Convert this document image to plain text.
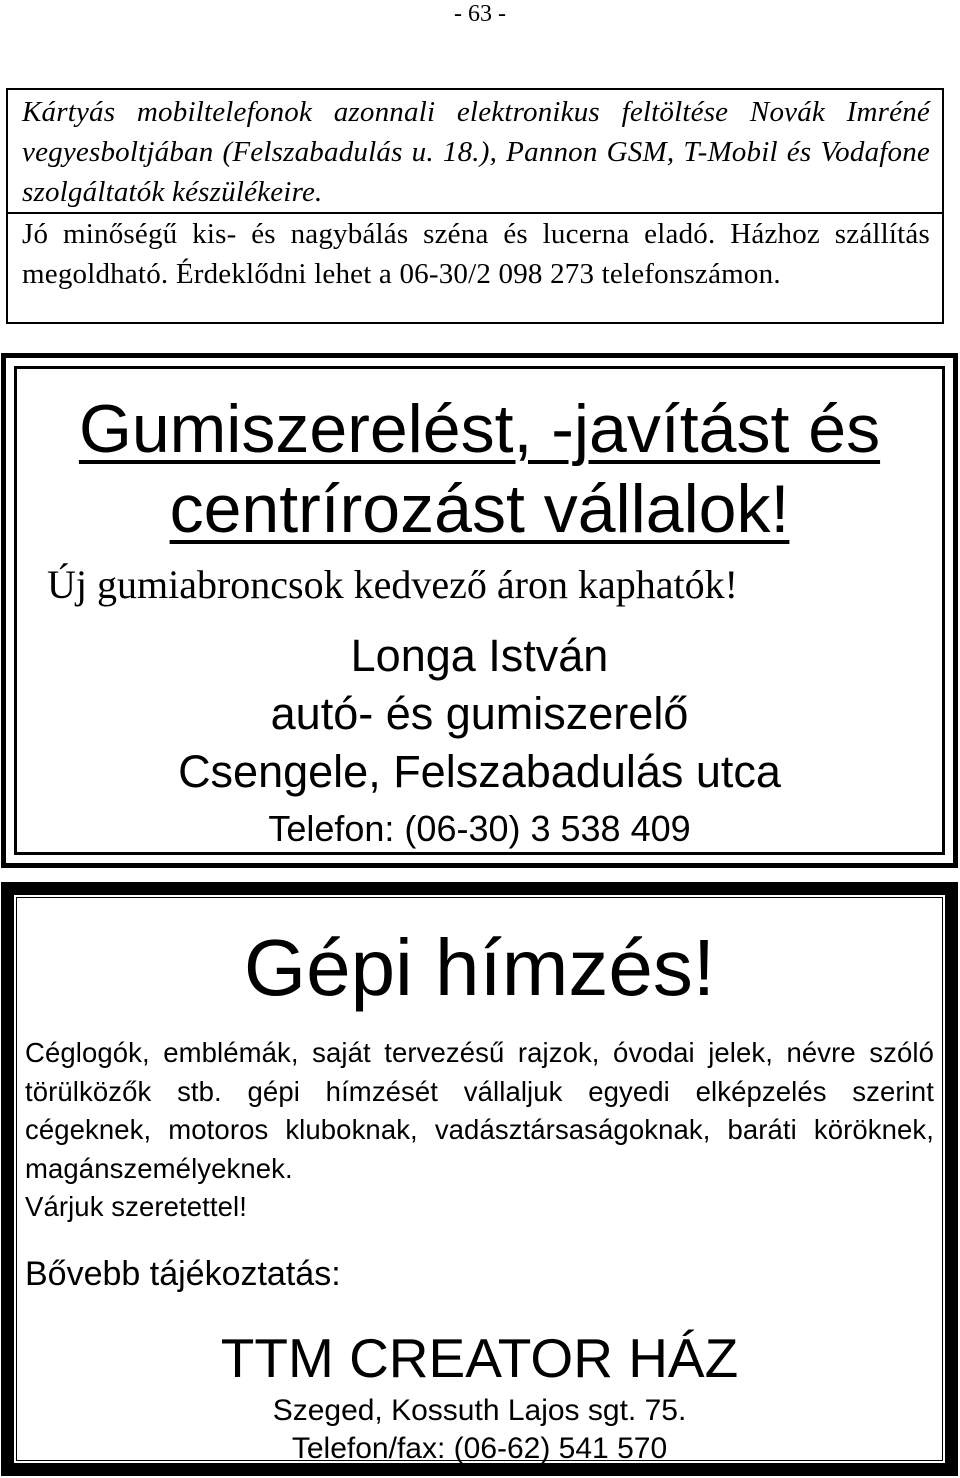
- 63 -
Kártyás mobiltelefonok azonnali elektronikus feltöltése Novák Imréné vegyesboltjában (Felszabadulás u. 18.), Pannon GSM, T-Mobil és Vodafone szolgáltatók készülékeire.
Jó minőségű kis- és nagybálás széna és lucerna eladó. Házhoz szállítás megoldható. Érdeklődni lehet a 06-30/2 098 273 telefonszámon.
Gumiszerelést, -javítást és
centrírozást vállalok!
Új gumiabroncsok kedvező áron kaphatók!
Longa István
autó- és gumiszerelő
Csengele, Felszabadulás utca
Telefon: (06-30) 3 538 409
Gépi hímzés!
Céglogók, emblémák, saját tervezésű rajzok, óvodai jelek, névre szóló törülközők stb. gépi hímzését vállaljuk egyedi elképzelés szerint cégeknek, motoros kluboknak, vadásztársaságoknak, baráti köröknek, magánszemélyeknek.
Várjuk szeretettel!
Bővebb tájékoztatás:
TTM CREATOR HÁZ
Szeged, Kossuth Lajos sgt. 75.
Telefon/fax: (06-62) 541 570
